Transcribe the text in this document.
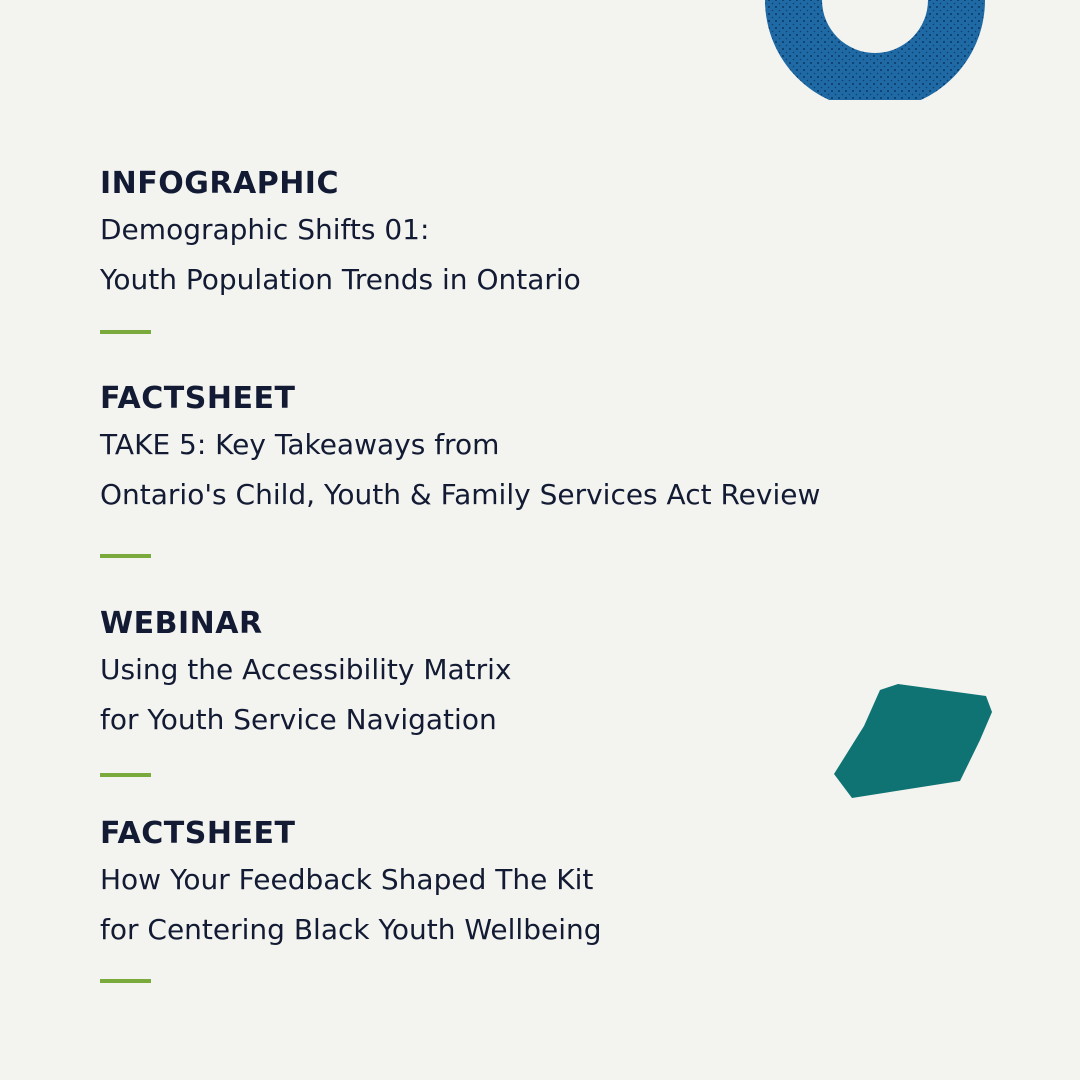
INFOGRAPHIC
Demographic Shifts 01:
Youth Population Trends in Ontario
FACTSHEET
TAKE 5: Key Takeaways from
Ontario's Child, Youth & Family Services Act Review
WEBINAR
Using the Accessibility Matrix
for Youth Service Navigation
FACTSHEET
How Your Feedback Shaped The Kit
for Centering Black Youth Wellbeing
